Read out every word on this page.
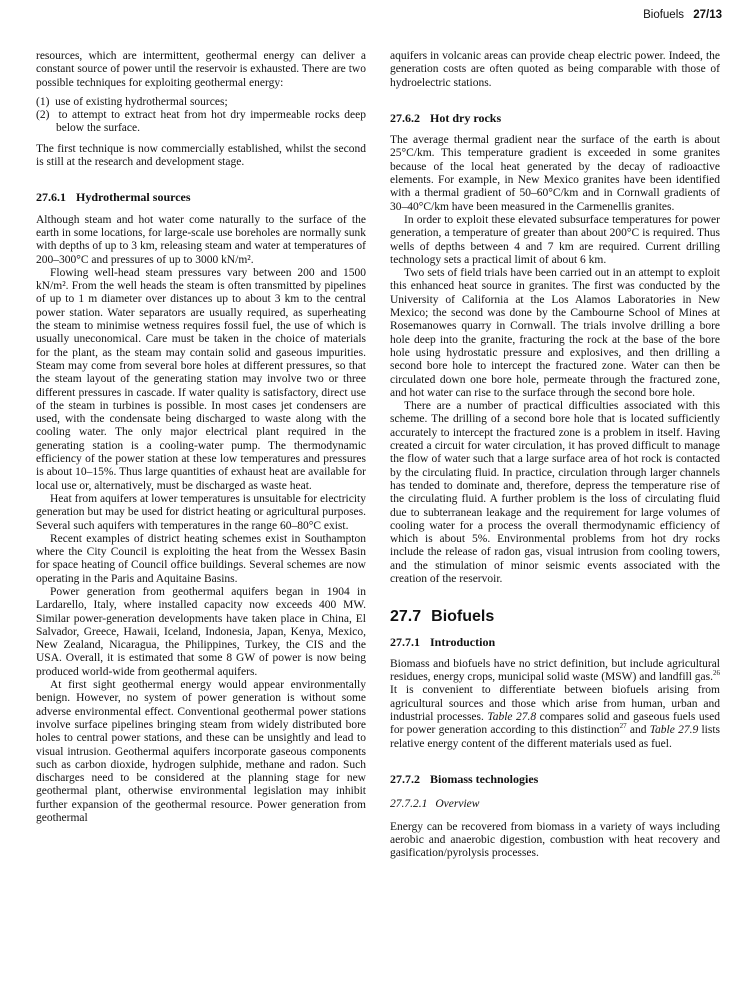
Biofuels 27/13

resources, which are intermittent, geothermal energy can deliver a constant source of power until the reservoir is exhausted. There are two possible techniques for exploiting geothermal energy:

(1) use of existing hydrothermal sources;
(2) to attempt to extract heat from hot dry impermeable rocks deep below the surface.

The first technique is now commercially established, whilst the second is still at the research and development stage.

27.6.1 Hydrothermal sources

Although steam and hot water come naturally to the surface of the earth in some locations, for large-scale use boreholes are normally sunk with depths of up to 3 km, releasing steam and water at temperatures of 200–300°C and pressures of up to 3000 kN/m².

Flowing well-head steam pressures vary between 200 and 1500 kN/m². From the well heads the steam is often transmitted by pipelines of up to 1 m diameter over distances up to about 3 km to the central power station. Water separators are usually required, as superheating the steam to minimise wetness requires fossil fuel, the use of which is usually uneconomical. Care must be taken in the choice of materials for the plant, as the steam may contain solid and gaseous impurities. Steam may come from several bore holes at different pressures, so that the steam layout of the generating station may involve two or three different pressures in cascade. If water quality is satisfactory, direct use of the steam in turbines is possible. In most cases jet condensers are used, with the condensate being discharged to waste along with the cooling water. The only major electrical plant required in the generating station is a cooling-water pump. The thermodynamic efficiency of the power station at these low temperatures and pressures is about 10–15%. Thus large quantities of exhaust heat are available for local use or, alternatively, must be discharged as waste heat.

Heat from aquifers at lower temperatures is unsuitable for electricity generation but may be used for district heating or agricultural purposes. Several such aquifers with temperatures in the range 60–80°C exist.

Recent examples of district heating schemes exist in Southampton where the City Council is exploiting the heat from the Wessex Basin for space heating of Council office buildings. Several schemes are now operating in the Paris and Aquitaine Basins.

Power generation from geothermal aquifers began in 1904 in Lardarello, Italy, where installed capacity now exceeds 400 MW. Similar power-generation developments have taken place in China, El Salvador, Greece, Hawaii, Iceland, Indonesia, Japan, Kenya, Mexico, New Zealand, Nicaragua, the Philippines, Turkey, the CIS and the USA. Overall, it is estimated that some 8 GW of power is now being produced world-wide from geothermal aquifers.

At first sight geothermal energy would appear environmentally benign. However, no system of power generation is without some adverse environmental effect. Conventional geothermal power stations involve surface pipelines bringing steam from widely distributed bore holes to central power stations, and these can be unsightly and lead to visual intrusion. Geothermal aquifers incorporate gaseous components such as carbon dioxide, hydrogen sulphide, methane and radon. Such discharges need to be considered at the planning stage for new geothermal plant, otherwise environmental legislation may inhibit further expansion of the geothermal resource. Power generation from geothermal

aquifers in volcanic areas can provide cheap electric power. Indeed, the generation costs are often quoted as being comparable with those of hydroelectric stations.

27.6.2 Hot dry rocks

The average thermal gradient near the surface of the earth is about 25°C/km. This temperature gradient is exceeded in some granites because of the local heat generated by the decay of radioactive elements. For example, in New Mexico granites have been identified with a thermal gradient of 50–60°C/km and in Cornwall gradients of 30–40°C/km have been measured in the Carmenellis granites.

In order to exploit these elevated subsurface temperatures for power generation, a temperature of greater than about 200°C is required. Thus wells of depths between 4 and 7 km are required. Current drilling technology sets a practical limit of about 6 km.

Two sets of field trials have been carried out in an attempt to exploit this enhanced heat source in granites. The first was conducted by the University of California at the Los Alamos Laboratories in New Mexico; the second was done by the Cambourne School of Mines at Rosemanowes quarry in Cornwall. The trials involve drilling a bore hole deep into the granite, fracturing the rock at the base of the bore hole using hydrostatic pressure and explosives, and then drilling a second bore hole to intercept the fractured zone. Water can then be circulated down one bore hole, permeate through the fractured zone, and hot water can rise to the surface through the second bore hole.

There are a number of practical difficulties associated with this scheme. The drilling of a second bore hole that is located sufficiently accurately to intercept the fractured zone is a problem in itself. Having created a circuit for water circulation, it has proved difficult to manage the flow of water such that a large surface area of hot rock is contacted by the circulating fluid. In practice, circulation through larger channels has tended to dominate and, therefore, depress the temperature rise of the circulating fluid. A further problem is the loss of circulating fluid due to subterranean leakage and the requirement for large volumes of cooling water for a process the overall thermodynamic efficiency of which is about 5%. Environmental problems from hot dry rocks include the release of radon gas, visual intrusion from cooling towers, and the stimulation of minor seismic events associated with the creation of the reservoir.

27.7 Biofuels
27.7.1 Introduction

Biomass and biofuels have no strict definition, but include agricultural residues, energy crops, municipal solid waste (MSW) and landfill gas.$^{26}$ It is convenient to differentiate between biofuels arising from agricultural sources and those which arise from human, urban and industrial processes. Table 27.8 compares solid and gaseous fuels used for power generation according to this distinction$^{27}$ and Table 27.9 lists relative energy content of the different materials used as fuel.

27.7.2 Biomass technologies
27.7.2.1 Overview

Energy can be recovered from biomass in a variety of ways including aerobic and anaerobic digestion, combustion with heat recovery and gasification/pyrolysis processes.
